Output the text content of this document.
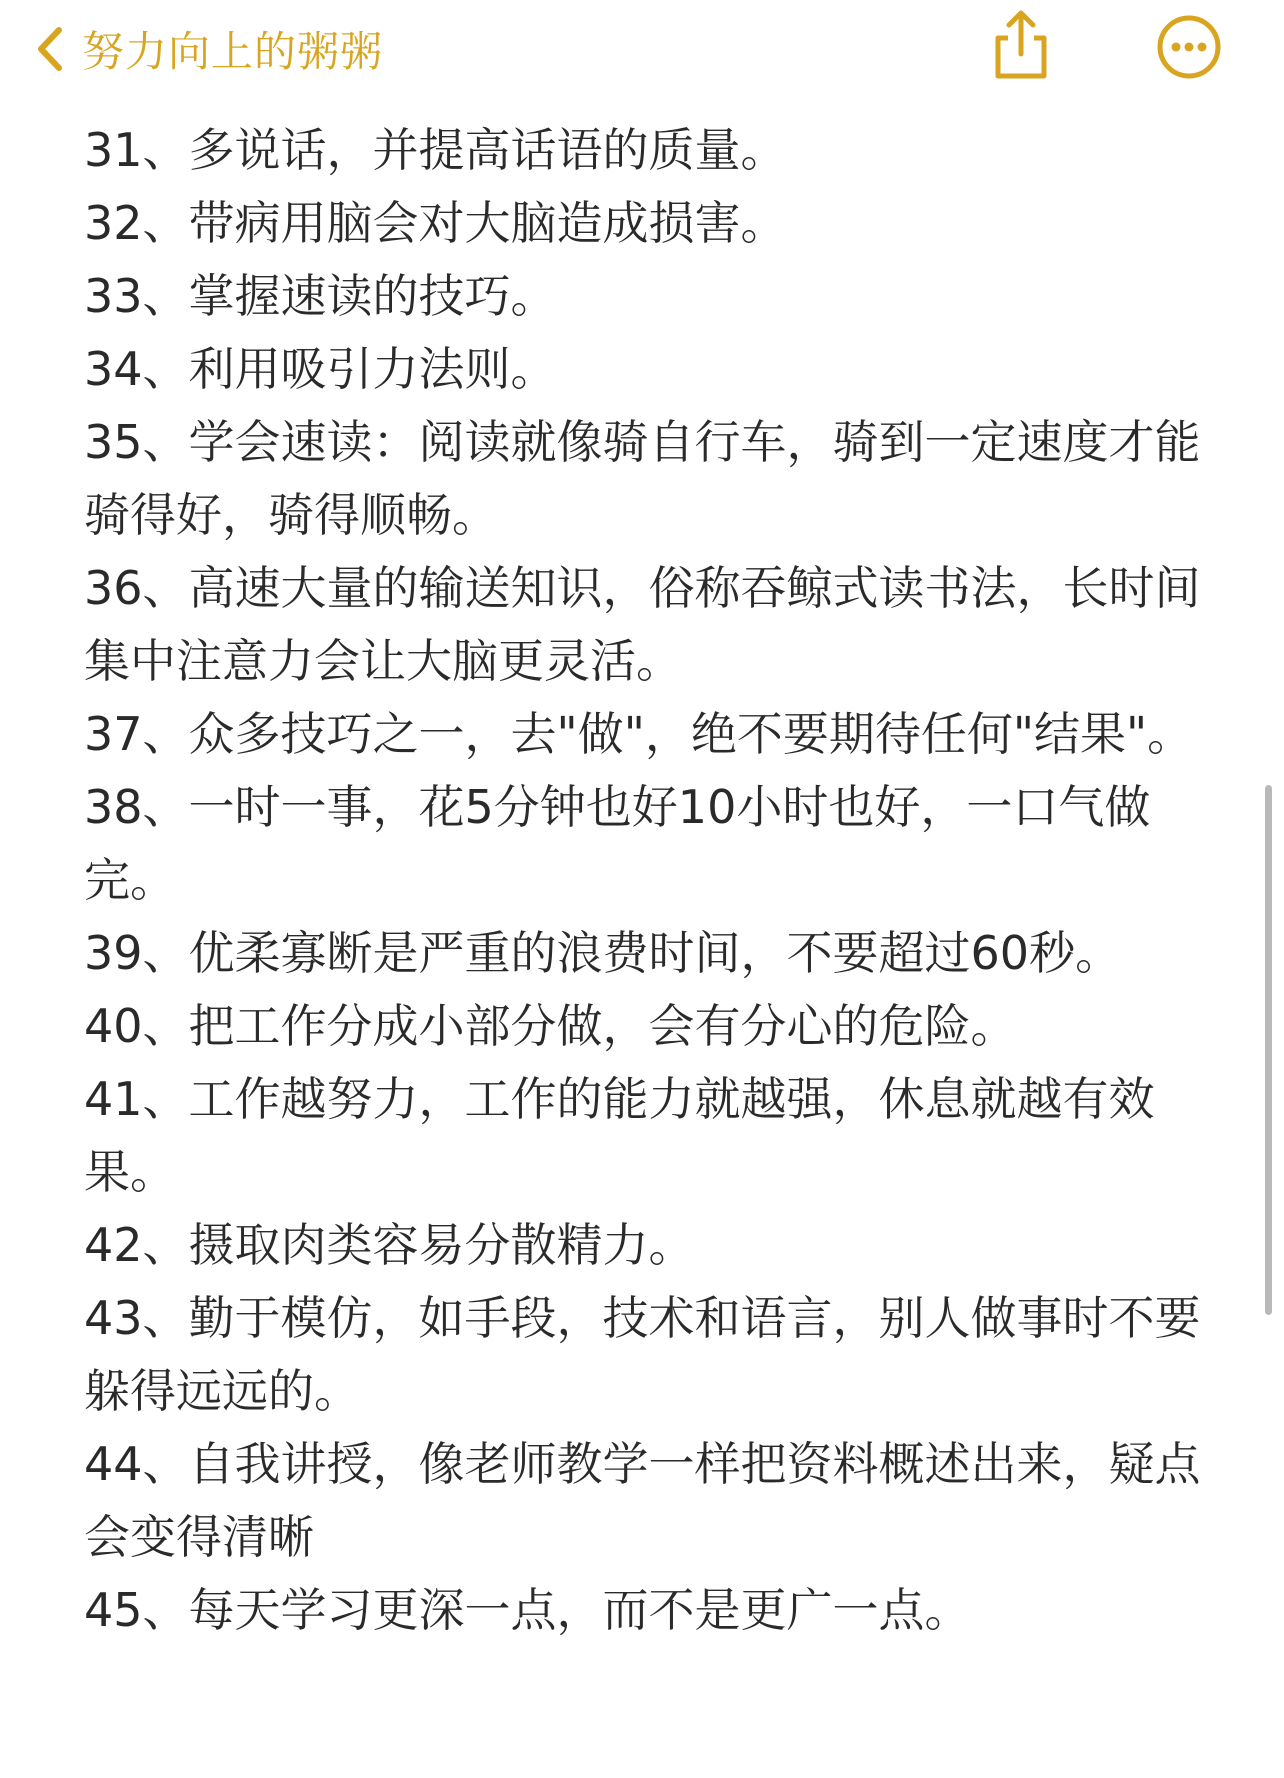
努力向上的粥粥

31、多说话，并提高话语的质量。

32、带病用脑会对大脑造成损害。

33、掌握速读的技巧。

34、利用吸引力法则。

35、学会速读：阅读就像骑自行车，骑到一定速度才能骑得好，骑得顺畅。

36、高速大量的输送知识，俗称吞鲸式读书法，长时间集中注意力会让大脑更灵活。

37、众多技巧之一，去"做"，绝不要期待任何"结果"。

38、一时一事，花5分钟也好10小时也好，一口气做完。

39、优柔寡断是严重的浪费时间，不要超过60秒。

40、把工作分成小部分做，会有分心的危险。

41、工作越努力，工作的能力就越强，休息就越有效果。

42、摄取肉类容易分散精力。

43、勤于模仿，如手段，技术和语言，别人做事时不要躲得远远的。

44、自我讲授，像老师教学一样把资料概述出来，疑点会变得清晰

45、每天学习更深一点，而不是更广一点。
